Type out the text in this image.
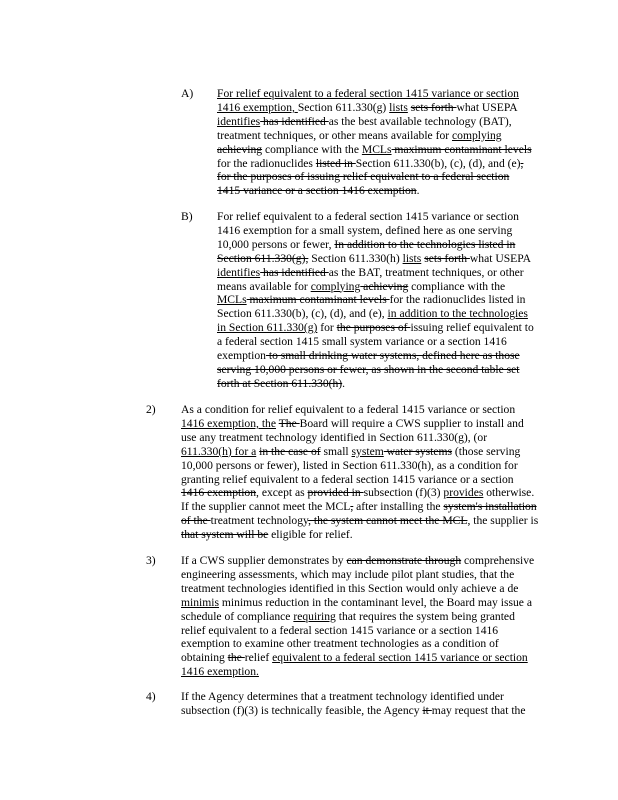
A) For relief equivalent to a federal section 1415 variance or section 1416 exemption, Section 611.330(g) lists sets forth what USEPA identifies has identified as the best available technology (BAT), treatment techniques, or other means available for complying achieving compliance with the MCLs maximum contaminant levels for the radionuclides listed in Section 611.330(b), (c), (d), and (e), for the purposes of issuing relief equivalent to a federal section 1415 variance or a section 1416 exemption.
B) For relief equivalent to a federal section 1415 variance or section 1416 exemption for a small system, defined here as one serving 10,000 persons or fewer, In addition to the technologies listed in Section 611.330(g), Section 611.330(h) lists sets forth what USEPA identifies has identified as the BAT, treatment techniques, or other means available for complying achieving compliance with the MCLs maximum contaminant levels for the radionuclides listed in Section 611.330(b), (c), (d), and (e), in addition to the technologies in Section 611.330(g) for the purposes of issuing relief equivalent to a federal section 1415 small system variance or a section 1416 exemption to small drinking water systems, defined here as those serving 10,000 persons or fewer, as shown in the second table set forth at Section 611.330(h).
2) As a condition for relief equivalent to a federal 1415 variance or section 1416 exemption, the The Board will require a CWS supplier to install and use any treatment technology identified in Section 611.330(g), (or 611.330(h) for a in the case of small system water systems (those serving 10,000 persons or fewer), listed in Section 611.330(h), as a condition for granting relief equivalent to a federal section 1415 variance or a section 1416 exemption, except as provided in subsection (f)(3) provides otherwise. If the supplier cannot meet the MCL, after installing the system's installation of the treatment technology, the system cannot meet the MCL, the supplier is that system will be eligible for relief.
3) If a CWS supplier demonstrates by can demonstrate through comprehensive engineering assessments, which may include pilot plant studies, that the treatment technologies identified in this Section would only achieve a de minimis minimus reduction in the contaminant level, the Board may issue a schedule of compliance requiring that requires the system being granted relief equivalent to a federal section 1415 variance or a section 1416 exemption to examine other treatment technologies as a condition of obtaining the relief equivalent to a federal section 1415 variance or section 1416 exemption.
4) If the Agency determines that a treatment technology identified under subsection (f)(3) is technically feasible, the Agency it may request that the
